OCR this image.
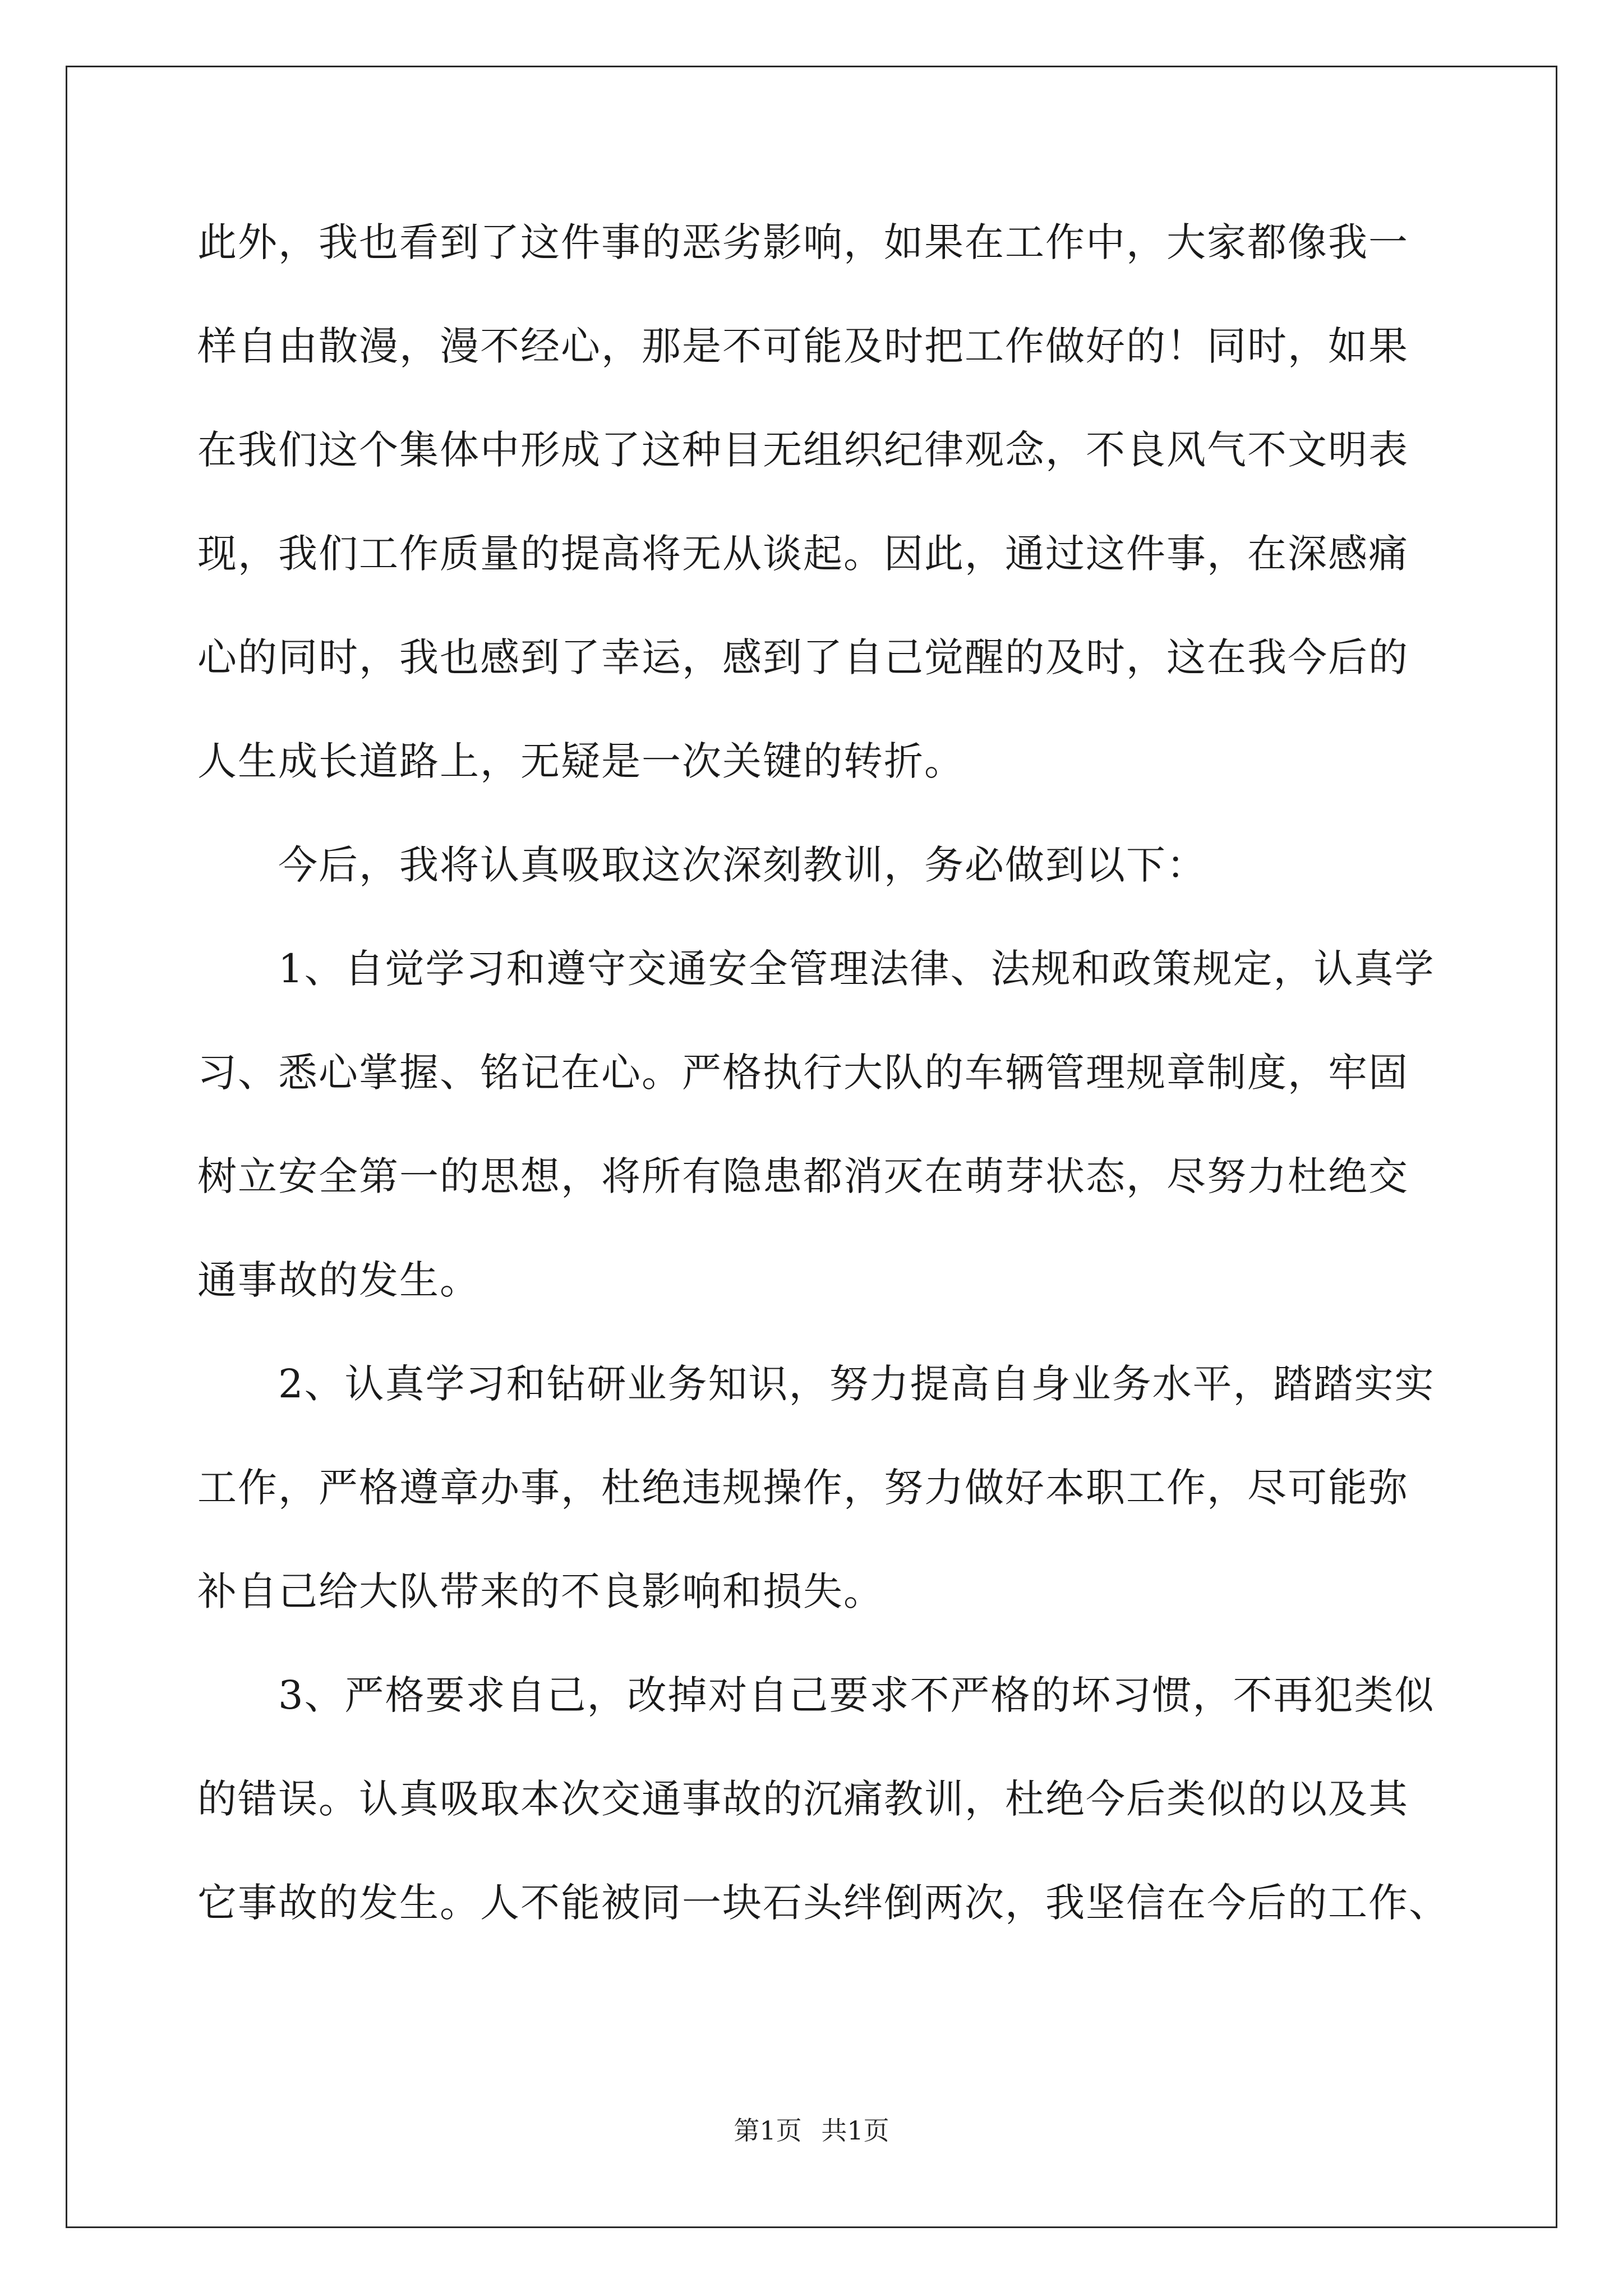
此外，我也看到了这件事的恶劣影响，如果在工作中，大家都像我一
样自由散漫，漫不经心，那是不可能及时把工作做好的！同时，如果
在我们这个集体中形成了这种目无组织纪律观念，不良风气不文明表
现，我们工作质量的提高将无从谈起。因此，通过这件事，在深感痛
心的同时，我也感到了幸运，感到了自己觉醒的及时，这在我今后的
人生成长道路上，无疑是一次关键的转折。
　　今后，我将认真吸取这次深刻教训，务必做到以下：
　　1、自觉学习和遵守交通安全管理法律、法规和政策规定，认真学
习、悉心掌握、铭记在心。严格执行大队的车辆管理规章制度，牢固
树立安全第一的思想，将所有隐患都消灭在萌芽状态，尽努力杜绝交
通事故的发生。
　　2、认真学习和钻研业务知识，努力提高自身业务水平，踏踏实实
工作，严格遵章办事，杜绝违规操作，努力做好本职工作，尽可能弥
补自己给大队带来的不良影响和损失。
　　3、严格要求自己，改掉对自己要求不严格的坏习惯，不再犯类似
的错误。认真吸取本次交通事故的沉痛教训，杜绝今后类似的以及其
它事故的发生。人不能被同一块石头绊倒两次，我坚信在今后的工作、
第1页 共1页
